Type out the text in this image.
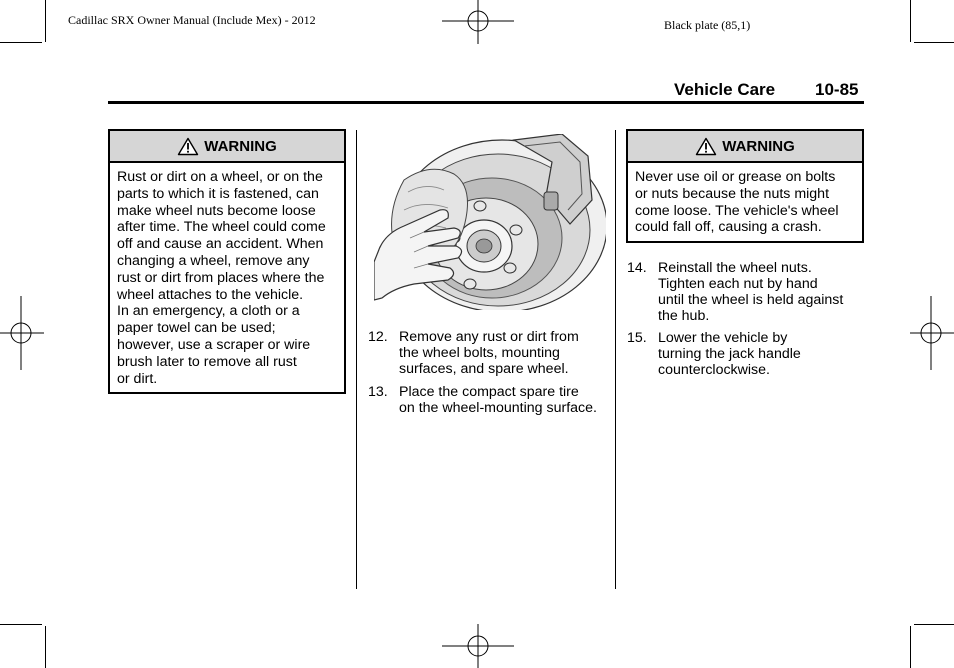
Cadillac SRX Owner Manual (Include Mex) - 2012	Black plate (85,1)
Vehicle Care 10-85
WARNING
Rust or dirt on a wheel, or on the
parts to which it is fastened, can
make wheel nuts become loose
after time. The wheel could come
off and cause an accident. When
changing a wheel, remove any
rust or dirt from places where the
wheel attaches to the vehicle.
In an emergency, a cloth or a
paper towel can be used;
however, use a scraper or wire
brush later to remove all rust
or dirt.
12. Remove any rust or dirt from
the wheel bolts, mounting
surfaces, and spare wheel.
13. Place the compact spare tire
on the wheel-mounting surface.
WARNING
Never use oil or grease on bolts
or nuts because the nuts might
come loose. The vehicle's wheel
could fall off, causing a crash.
14. Reinstall the wheel nuts.
Tighten each nut by hand
until the wheel is held against
the hub.
15. Lower the vehicle by
turning the jack handle
counterclockwise.
